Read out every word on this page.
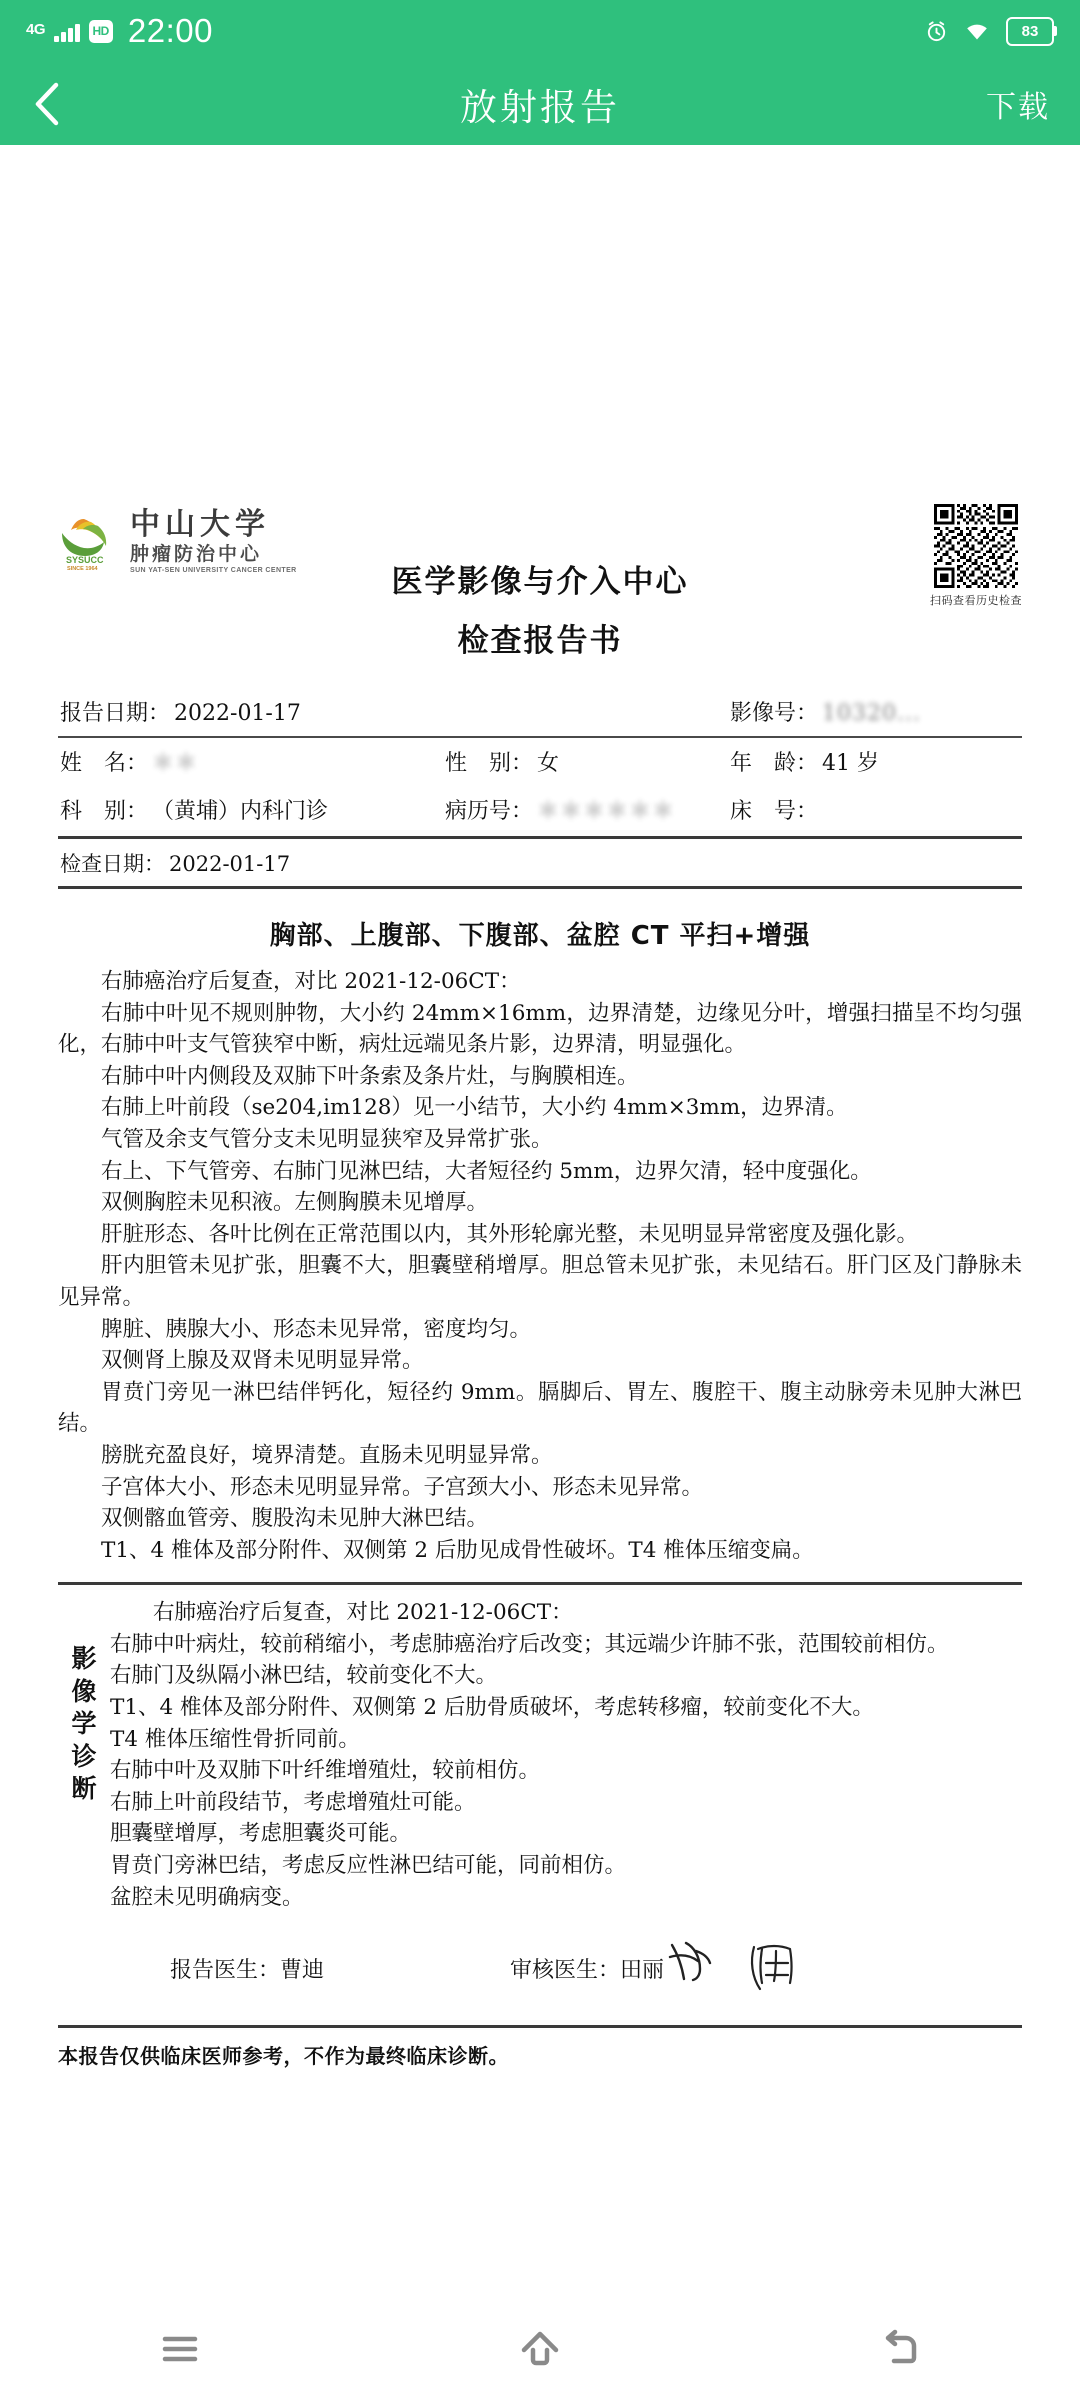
4G	HD 22:00	83
放射报告	下载
SYSUCC
SINCE 1964
中山大学
肿瘤防治中心
SUN YAT-SEN UNIVERSITY CANCER CENTER
扫码查看历史检查
医学影像与介入中心
检查报告书
报告日期： 2022-01-17	影像号： 10320...
姓　名： ＊＊	性　别： 女	年　龄： 41 岁
科　别： （黄埔）内科门诊	病历号： ＊＊＊＊＊＊ 床　号：
检查日期： 2022-01-17
胸部、上腹部、下腹部、盆腔 CT 平扫+增强

右肺癌治疗后复查，对比 2021-12-06CT：

右肺中叶见不规则肿物，大小约 24mm×16mm，边界清楚，边缘见分叶，增强扫描呈不均匀强化，右肺中叶支气管狭窄中断，病灶远端见条片影，边界清，明显强化。

右肺中叶内侧段及双肺下叶条索及条片灶，与胸膜相连。

右肺上叶前段（se204,im128）见一小结节，大小约 4mm×3mm，边界清。

气管及余支气管分支未见明显狭窄及异常扩张。

右上、下气管旁、右肺门见淋巴结，大者短径约 5mm，边界欠清，轻中度强化。

双侧胸腔未见积液。左侧胸膜未见增厚。

肝脏形态、各叶比例在正常范围以内，其外形轮廓光整，未见明显异常密度及强化影。

肝内胆管未见扩张，胆囊不大，胆囊壁稍增厚。胆总管未见扩张，未见结石。肝门区及门静脉未见异常。

脾脏、胰腺大小、形态未见异常，密度均匀。

双侧肾上腺及双肾未见明显异常。

胃贲门旁见一淋巴结伴钙化，短径约 9mm。膈脚后、胃左、腹腔干、腹主动脉旁未见肿大淋巴结。

膀胱充盈良好，境界清楚。直肠未见明显异常。

子宫体大小、形态未见明显异常。子宫颈大小、形态未见异常。

双侧髂血管旁、腹股沟未见肿大淋巴结。

T1、4 椎体及部分附件、双侧第 2 后肋见成骨性破坏。T4 椎体压缩变扁。

影
像
学
诊
断

右肺癌治疗后复查，对比 2021-12-06CT：

右肺中叶病灶，较前稍缩小，考虑肺癌治疗后改变；其远端少许肺不张，范围较前相仿。

右肺门及纵隔小淋巴结，较前变化不大。

T1、4 椎体及部分附件、双侧第 2 后肋骨质破坏，考虑转移瘤，较前变化不大。

T4 椎体压缩性骨折同前。

右肺中叶及双肺下叶纤维增殖灶，较前相仿。

右肺上叶前段结节，考虑增殖灶可能。

胆囊壁增厚，考虑胆囊炎可能。

胃贲门旁淋巴结，考虑反应性淋巴结可能，同前相仿。

盆腔未见明确病变。

报告医生：曹迪	审核医生： 田丽
本报告仅供临床医师参考，不作为最终临床诊断。
